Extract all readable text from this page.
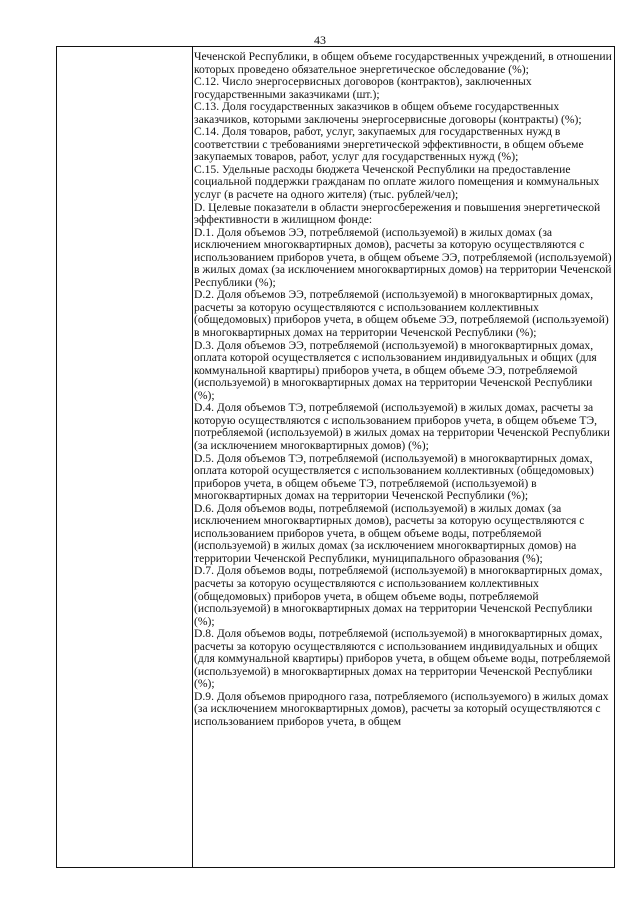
43

Чеченской Республики, в общем объеме государственных учреждений, в отношении которых проведено обязательное энергетическое обследование (%);

С.12. Число энергосервисных договоров (контрактов), заключенных государственными заказчиками (шт.);

С.13. Доля государственных заказчиков в общем объеме государственных заказчиков, которыми заключены энергосервисные договоры (контракты) (%);

С.14. Доля товаров, работ, услуг, закупаемых для государственных нужд в соответствии с требованиями энергетической эффективности, в общем объеме закупаемых товаров, работ, услуг для государственных нужд (%);

С.15. Удельные расходы бюджета Чеченской Республики на предоставление социальной поддержки гражданам по оплате жилого помещения и коммунальных услуг (в расчете на одного жителя) (тыс. рублей/чел);

D. Целевые показатели в области энергосбережения и повышения энергетической эффективности в жилищном фонде:

D.1. Доля объемов ЭЭ, потребляемой (используемой) в жилых домах (за исключением многоквартирных домов), расчеты за которую осуществляются с использованием приборов учета, в общем объеме ЭЭ, потребляемой (используемой) в жилых домах (за исключением многоквартирных домов) на территории Чеченской Республики (%);

D.2. Доля объемов ЭЭ, потребляемой (используемой) в многоквартирных домах, расчеты за которую осуществляются с использованием коллективных (общедомовых) приборов учета, в общем объеме ЭЭ, потребляемой (используемой) в многоквартирных домах на территории Чеченской Республики (%);

D.3. Доля объемов ЭЭ, потребляемой (используемой) в многоквартирных домах, оплата которой осуществляется с использованием индивидуальных и общих (для коммунальной квартиры) приборов учета, в общем объеме ЭЭ, потребляемой (используемой) в многоквартирных домах на территории Чеченской Республики (%);

D.4. Доля объемов ТЭ, потребляемой (используемой) в жилых домах, расчеты за которую осуществляются с использованием приборов учета, в общем объеме ТЭ, потребляемой (используемой) в жилых домах на территории Чеченской Республики (за исключением многоквартирных домов) (%);

D.5. Доля объемов ТЭ, потребляемой (используемой) в многоквартирных домах, оплата которой осуществляется с использованием коллективных (общедомовых) приборов учета, в общем объеме ТЭ, потребляемой (используемой) в многоквартирных домах на территории Чеченской Республики (%);

D.6. Доля объемов воды, потребляемой (используемой) в жилых домах (за исключением многоквартирных домов), расчеты за которую осуществляются с использованием приборов учета, в общем объеме воды, потребляемой (используемой) в жилых домах (за исключением многоквартирных домов) на территории Чеченской Республики, муниципального образования (%);

D.7. Доля объемов воды, потребляемой (используемой) в многоквартирных домах, расчеты за которую осуществляются с использованием коллективных (общедомовых) приборов учета, в общем объеме воды, потребляемой (используемой) в многоквартирных домах на территории Чеченской Республики (%);

D.8. Доля объемов воды, потребляемой (используемой) в многоквартирных домах, расчеты за которую осуществляются с использованием индивидуальных и общих (для коммунальной квартиры) приборов учета, в общем объеме воды, потребляемой (используемой) в многоквартирных домах на территории Чеченской Республики (%);

D.9. Доля объемов природного газа, потребляемого (используемого) в жилых домах (за исключением многоквартирных домов), расчеты за который осуществляются с использованием приборов учета, в общем
